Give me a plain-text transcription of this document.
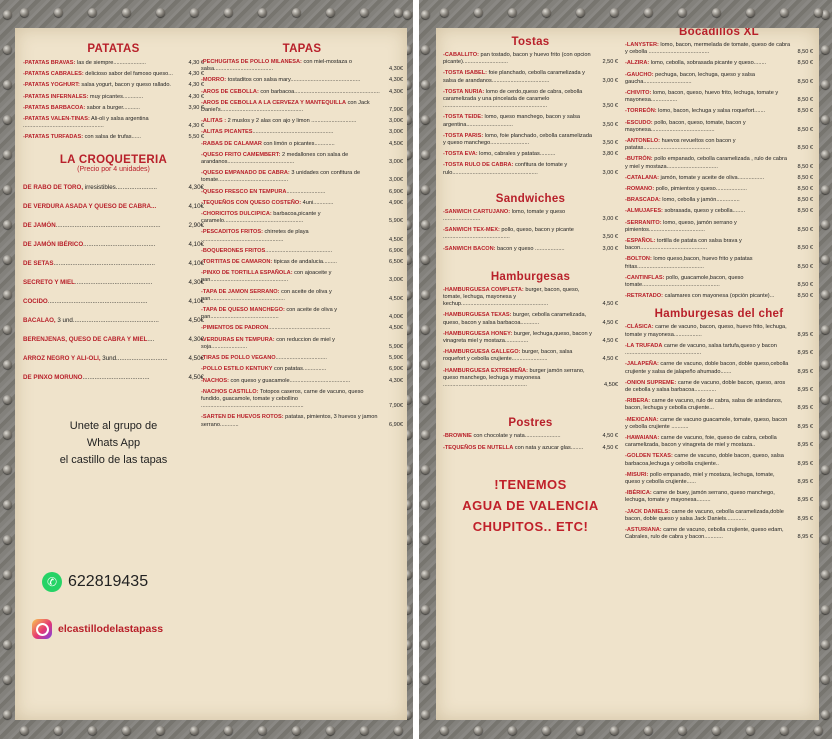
PATATAS
-PATATAS BRAVAS: las de siempre.....................	4,30 €
-PATATAS CABRALES: delicioso sabor del famoso queso...	4,30 €
-PATATAS YOGHURT: salsa yogurt, bacon y queso rallado.	4,30 €
-PATATAS INFERNALES: muy picantes.............	4,30 €
-PATATAS BARBACOA: sabor a burger...........	3,90 €
-PATATAS VALEN-TINAS: Ali-oli y salsa argentina ....................................................	4,30 €
-PATATAS TURFADAS: con salsa de trufas......	5,50 €
LA CROQUETERIA
(Precio por 4 unidades)
DE RABO DE TORO, irresistibles........................	4,30€
DE VERDURA ASADA Y QUESO DE CABRA...	4,10€
DE JAMÓN.............................................................	2,90€
DE JAMÓN IBÉRICO..........................................	4,10€
DE SETAS...........................................................	4,10€
SECRETO Y MIEL.............................................	4,30€
COCIDO..........................................................	4,10€
BACALAO, 3 und..................................................	4,50€
BERENJENAS, QUESO DE CABRA Y MIEL....	4,30€
ARROZ NEGRO Y ALI-OLI, 3und..............................	4,50€
DE PINXO MORUNO.......................................	4,50€
Unete al grupo de
Whats App
el castillo de las tapas
✆ 622819435
elcastillodelastapass
TAPAS
-PECHUGITAS DE POLLO MILANESA: con miel-mostaza o salsa......................................	4,30€
-MORRO: tostaditos con salsa mary.............................................	4,30€
-AROS DE CEBOLLA: con barbacoa....................................................... 4,30€
-AROS DE CEBOLLA A LA CERVEZA Y MANTEQUILLA con Jack Daniel's.....................................................	7,90€
-ALITAS : 2 muslos y 2 alas con ajo y limon .............................	3,00€
-ALITAS PICANTES....................................................	3,00€
-RABAS DE CALAMAR con limón o picantes.............	4,50€
-QUESO FRITO CAMEMBERT: 2 medallones con salsa de arandanos...........................................	3,00€
-QUESO EMPANADO DE CABRA: 3 unidades con confitura de tomate.............................................	3,00€
-QUESO FRESCO EN TEMPURA.........................	6,90€
-TEQUEÑOS CON QUESO COSTEÑO: 4uni.............	4,90€
-CHORICITOS DULCIPICA: barbacoa,picante y caramelo...................................................	5,90€
-PESCADITOS FRITOS: chirretes de playa .....................................................	4,50€
-BOQUERONES FRITOS...........................................	6,90€
-TORTITAS DE CAMARON: tipicas de andalucia.........	6,50€
-PINXO DE TORTILLA ESPAÑOLA: con ajoaceite y pan..................................................	3,00€
-TAPA DE JAMON SERRANO: con aceite de oliva y pan................................................	4,50€
-TAPA DE QUESO MANCHEGO: con aceite de oliva y pan............................................	4,00€
-PIMIENTOS DE PADRON........................................	4,50€
-VERDURAS EN TEMPURA: con reduccion de miel y soja.......................	5,90€
-TIRAS DE POLLO VEGANO.................................	5,90€
-POLLO ESTILO KENTUKY con patatas...............	6,90€
-NACHOS: con queso y guacamole.......................................	4,30€
-NACHOS CASTILLO: Totopos caseros, carne de vacuno, queso fundido, guacamole, tomate y cebollino ..................................................................	7,90€
-SARTEN DE HUEVOS ROTOS: patatas, pimientos, 3 huevos y jamon serrano............	6,90€
Tostas
-CABALLITO: pan tostado, bacon y huevo frito (con opcion picante).............................	2,50 €
-TOSTA ISABEL: foie planchado, cebolla caramelizada y salsa de arandanos.....................................	3,00 €
-TOSTA NURIA: lomo de cerdo,queso de cabra, cebolla caramelizada y una pincelada de caramelo ...................................................................	3,50 €
-TOSTA TEIDE: lomo, queso manchego, bacon y salsa argentina..............................	3,50 €
-TOSTA PARIS: lomo, foie planchado, cebolla caramelizada y queso manchego.........................	3,50 €
-TOSTA EVA: lomo, cabrales y patatas..........	3,80 €
-TOSTA RULO DE CABRA: confitura de tomate y rulo.......................................................	3,00 €
Sandwiches
-SANWICH CARTUJANO: lomo, tomate y queso ........................	3,00 €
-SANWICH TEX-MEX: pollo, queso, bacon y picante ...........................................	3,50 €
-SANWICH BACON: bacon y queso ...................	3,00 €
Hamburgesas
-HAMBURGUESA COMPLETA: burger, bacon, queso, tomate, lechuga, mayonesa y kechup........................................................	4,50 €
-HAMBURGUESA TEXAS: burger, cebolla caramelizada, queso, bacon y salsa barbacoa............	4,50 €
-HAMBURGUESA HONEY: burger, lechuga,queso, bacon y vinagreta miel y mostaza...............	4,50 €
-HAMBURGUESA GALLEGO: burger, bacon, salsa roquefort y cebolla crujiente.......................	4,50 €
-HAMBURGUESA EXTREMEÑA: burger jamón serrano, queso manchego, lechuga y mayonesa ......................................................	4,50€
Postres
-BROWNIE con chocolate y nata.......................	4,50 €
-TEQUEÑOS DE NUTELLA con nata y azucar glas........	4,50 €
!TENEMOS
AGUA DE VALENCIA
CHUPITOS.. ETC!
Bocadillos XL
-LANYSTER: lomo, bacon, mermelada de tomate, queso de cabra y cebolla .......................................	8,50 €
-ALZIRA: lomo, cebolla, sobrasada picante y queso........	8,50 €
-GAUCHO: pechuga, bacon, lechuga, queso y salsa gaucha...............................	8,50 €
-CHIVITO: lomo, bacon, queso, huevo frito, lechuga, tomate y mayonesa.................	8,50 €
-TORREÓN: lomo, bacon, lechuga y salsa roquefort.......	8,50 €
-ESCUDO: pollo, bacon, queso, tomate, bacon y mayonesa.........................................	8,50 €
-ANTONELO: huevos revueltos con bacon y patatas...........................................	8,50 €
-BUTRÓN: pollo empanado, cebolla caramelizada , rulo de cabra y miel y mostaza.................................	8,50 €
-CATALANA: jamón, tomate y aceite de oliva.................	8,50 €
-ROMANO: pollo, pimientos y queso....................	8,50 €
-BRASCADA: lomo, cebolla y jamón...............	8,50 €
-ALMUJAFES: sobrasada, queso y cebolla........	8,50 €
-SERRANITO: lomo, queso, jamón serrano y pimientos....................................	8,50 €
-ESPAÑOL: tortilla de patata con salsa brava y bacon...........................................	8,50 €
-BOLTON: lomo queso,bacon, huevo frito y patatas fritas...........................................	8,50 €
-CANTINFLAS: pollo, guacamole,bacon, queso tomate..................................................	8,50 €
-RETRATADO: calamares con mayonesa (opción picante)...	8,50 €
Hamburgesas del chef
-CLÁSICA: carne de vacuno, bacon, queso, huevo frito, lechuga, tomate y mayonesa..................	8,95 €
-LA TRUFADA carne de vacuno, salsa tartufa,queso y bacon .................................................	8,95 €
-JALAPEÑA: carne de vacuno, doble bacon, doble queso,cebolla crujiente y salsa de jalapeño ahumado.......	8,95 €
-ONION SUPREME: carne de vacuno, doble bacon, queso, aros de cebolla y salsa barbacoa..............	8,95 €
-RIBERA: carne de vacuno, rulo de cabra, salsa de arándanos, bacon, lechuga y cebolla crujiente...	8,95 €
-MEXICANA: carne de vacuno guacamole, tomate, queso, bacon y cebolla crujiente ...........	8,95 €
-HAWAIANA: carne de vacuno, foie, queso de cabra, cebolla caramelizada, bacon y vinagreta de miel y mostaza..	8,95 €
-GOLDEN TEXAS: carne de vacuno, doble bacon, queso, salsa barbacoa,lechuga y cebolla crujiente..	8,95 €
-MISURI: pollo empanado, miel y mostaza, lechuga, tomate, queso y cebolla crujiente......	8,95 €
-IBÉRICA: carne de buey, jamón serrano, queso manchego, lechuga, tomate y mayonesa.........	8,95 €
-JACK DANIELS: carne de vacuno, cebolla caramelizada,doble bacon, doble queso y salsa Jack Daniels.............	8,95 €
-ASTURIANA: carne de vacuno, cebolla crujiente, queso edam, Cabrales, rulo de cabra y bacon............	8,95 €
